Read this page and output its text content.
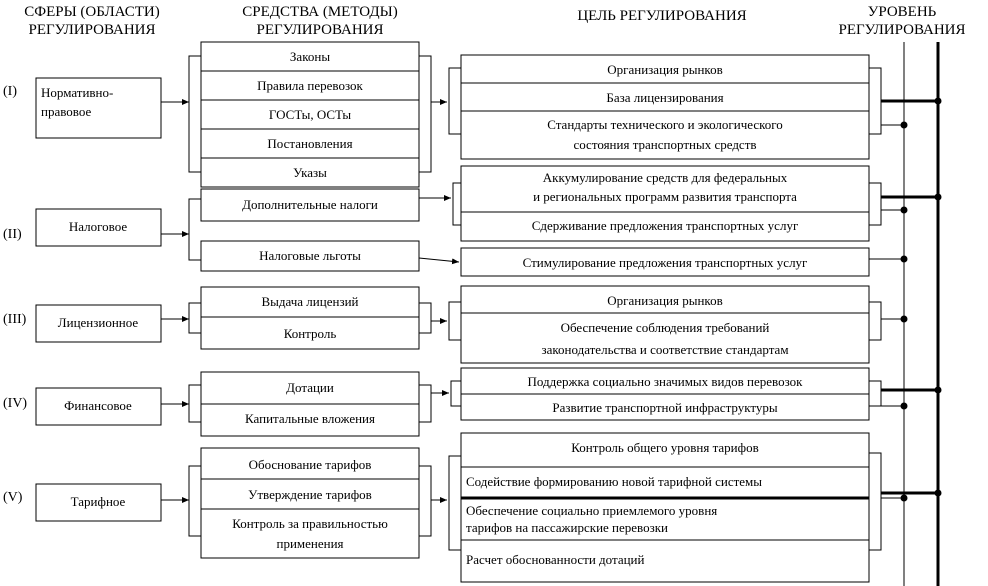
СФЕРЫ (ОБЛАСТИ)
РЕГУЛИРОВАНИЯ
СРЕДСТВА (МЕТОДЫ)
РЕГУЛИРОВАНИЯ
ЦЕЛЬ РЕГУЛИРОВАНИЯ	УРОВЕНЬ
РЕГУЛИРОВАНИЯ
(I) Нормативно-
правовое
Законы
Правила перевозок
ГОСТы, ОСТы
Постановления
Указы
Организация рынков
База лицензирования
Стандарты технического и экологического
состояния транспортных средств
(II)
Налоговое
Дополнительные налоги
Налоговые льготы
Аккумулирование средств для федеральных
и региональных программ развития транспорта
Сдерживание предложения транспортных услуг
Стимулирование предложения транспортных услуг
(III) Лицензионное
Выдача лицензий
Контроль
Организация рынков
Обеспечение соблюдения требований
законодательства и соответствие стандартам
(IV)	Финансовое
Дотации
Капитальные вложения
Поддержка социально значимых видов перевозок
Развитие транспортной инфраструктуры
(V)	Тарифное
Обоснование тарифов
Утверждение тарифов
Контроль за правильностью
применения
Контроль общего уровня тарифов
Содействие формированию новой тарифной системы
Обеспечение социально приемлемого уровня
тарифов на пассажирские перевозки
Расчет обоснованности дотаций
